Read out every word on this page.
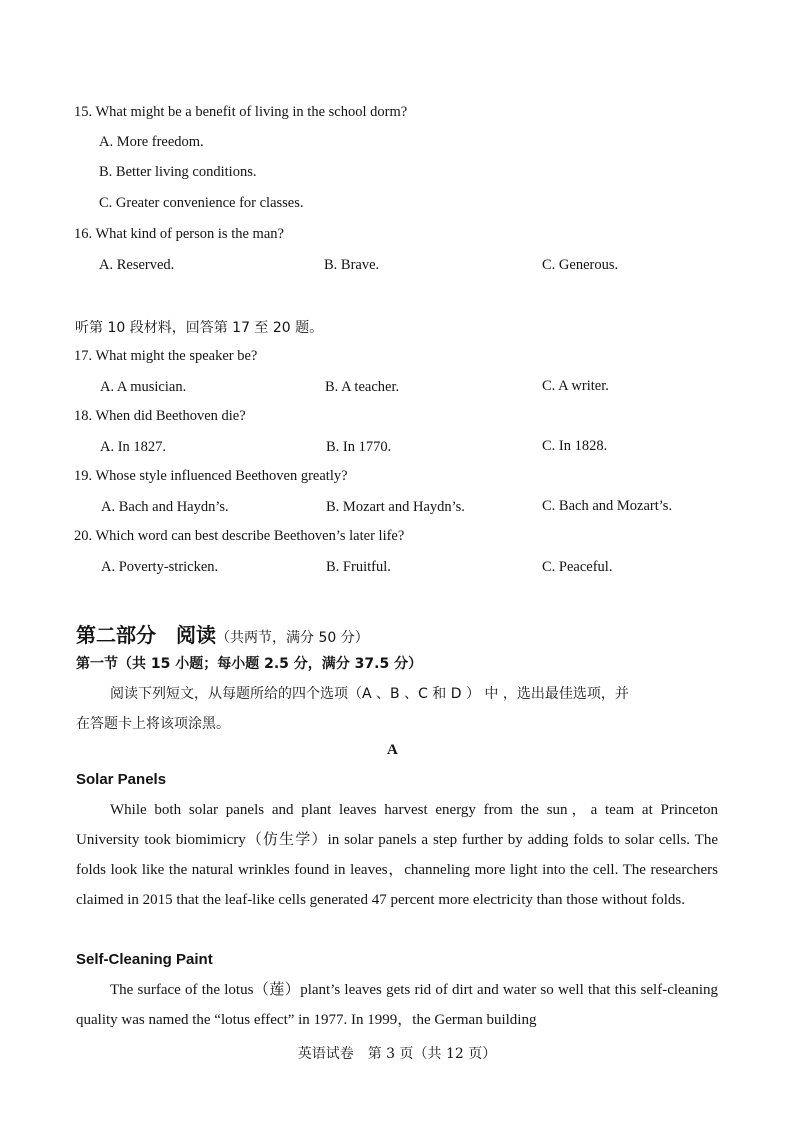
15. What might be a benefit of living in the school dorm?
A. More freedom.
B. Better living conditions.
C. Greater convenience for classes.
16. What kind of person is the man?
A. Reserved.	B. Brave.	C. Generous.
听第 10 段材料，回答第 17 至 20 题。
17. What might the speaker be?
A. A musician.	B. A teacher.	C. A writer.
18. When did Beethoven die?
A. In 1827.	B. In 1770.	C. In 1828.
19. Whose style influenced Beethoven greatly?
A. Bach and Haydn’s.	B. Mozart and Haydn’s.	C. Bach and Mozart’s.
20. Which word can best describe Beethoven’s later life?
A. Poverty-stricken.	B. Fruitful.	C. Peaceful.
第二部分　阅读（共两节，满分 50 分）
第一节（共 15 小题；每小题 2.5 分，满分 37.5 分）
阅读下列短文，从每题所给的四个选项（A 、B 、C 和 D ） 中 ，选出最佳选项，并
在答题卡上将该项涂黑。
A
Solar Panels

While both solar panels and plant leaves harvest energy from the sun，a team at Princeton University took biomimicry（仿生学）in solar panels a step further by adding folds to solar cells. The folds look like the natural wrinkles found in leaves，channeling more light into the cell. The researchers claimed in 2015 that the leaf-like cells generated 47 percent more electricity than those without folds.

Self-Cleaning Paint

The surface of the lotus（莲）plant’s leaves gets rid of dirt and water so well that this self-cleaning quality was named the “lotus effect” in 1977. In 1999，the German building

英语试卷　第 3 页（共 12 页）
